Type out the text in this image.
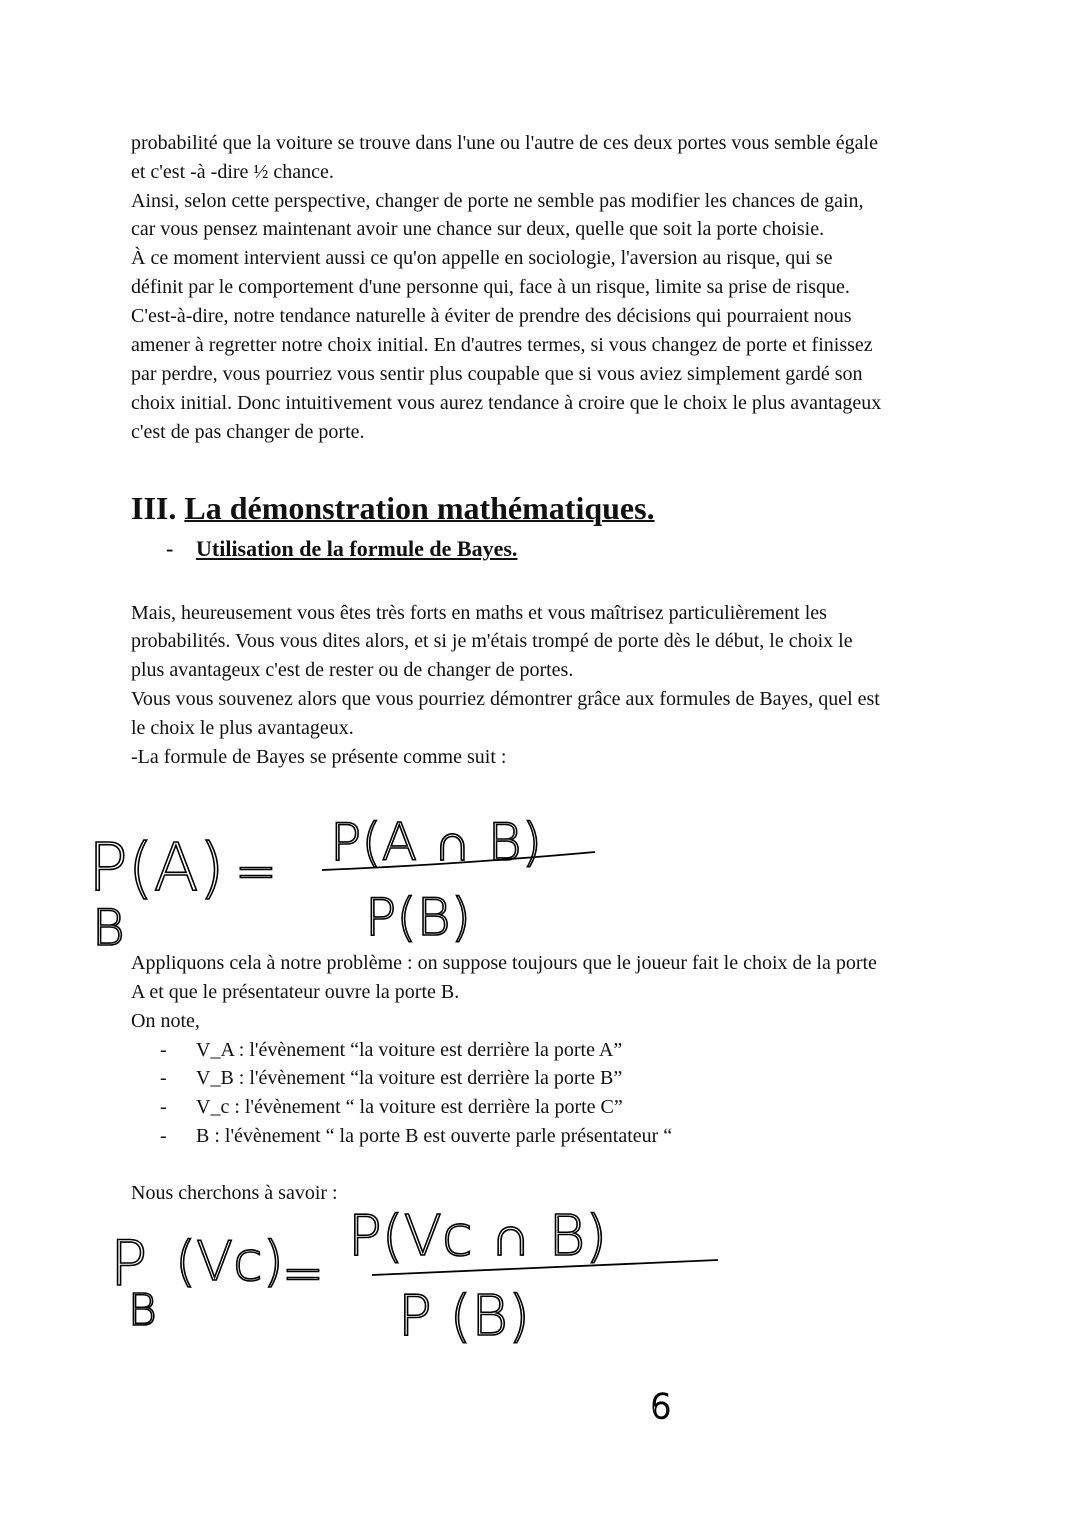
probabilité que la voiture se trouve dans l'une ou l'autre de ces deux portes vous semble égale
et c'est -à -dire ½ chance.
Ainsi, selon cette perspective, changer de porte ne semble pas modifier les chances de gain,
car vous pensez maintenant avoir une chance sur deux, quelle que soit la porte choisie.
À ce moment intervient aussi ce qu'on appelle en sociologie, l'aversion au risque, qui se
définit par le comportement d'une personne qui, face à un risque, limite sa prise de risque.
C'est-à-dire, notre tendance naturelle à éviter de prendre des décisions qui pourraient nous
amener à regretter notre choix initial. En d'autres termes, si vous changez de porte et finissez
par perdre, vous pourriez vous sentir plus coupable que si vous aviez simplement gardé son
choix initial. Donc intuitivement vous aurez tendance à croire que le choix le plus avantageux
c'est de pas changer de porte.
III. La démonstration mathématiques.
- Utilisation de la formule de Bayes.
Mais, heureusement vous êtes très forts en maths et vous maîtrisez particulièrement les
probabilités. Vous vous dites alors, et si je m'étais trompé de porte dès le début, le choix le
plus avantageux c'est de rester ou de changer de portes.
Vous vous souvenez alors que vous pourriez démontrer grâce aux formules de Bayes, quel est
le choix le plus avantageux.
-La formule de Bayes se présente comme suit :
P(A)
B
= P(A ∩ B)
P(B)
P
B
(Vc)
=
P(Vc ∩ B)
P (B)
6
Appliquons cela à notre problème : on suppose toujours que le joueur fait le choix de la porte
A et que le présentateur ouvre la porte B.
On note,
- V_A : l'évènement “la voiture est derrière la porte A”
- V_B : l'évènement “la voiture est derrière la porte B”
- V_c : l'évènement “ la voiture est derrière la porte C”
- B : l'évènement “ la porte B est ouverte parle présentateur “
Nous cherchons à savoir :
